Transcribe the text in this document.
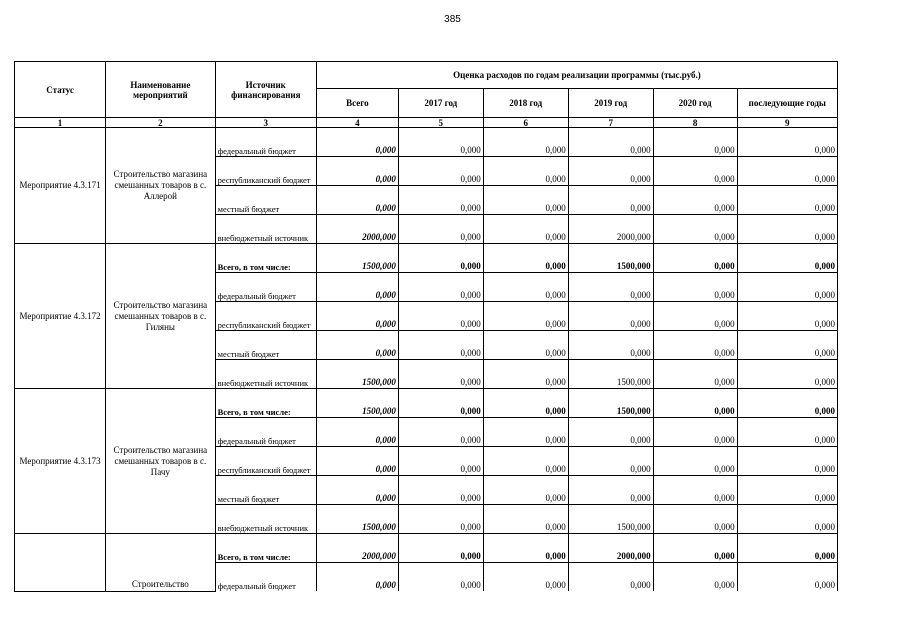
385
Статус	Наименование мероприятий	Источник финансирования	Оценка расходов по годам реализации программы (тыс.руб.)					
			Всего	2017 год	2018 год	2019 год	2020 год	последующие годы
1	2	3	4	5	6	7	8	9
Мероприятие 4.3.171	Строительство магазина смешанных товаров в с. Аллерой	федеральный бюджет	0,000	0,000	0,000	0,000	0,000	0,000
		республиканский бюджет	0,000	0,000	0,000	0,000	0,000	0,000
		местный бюджет	0,000	0,000	0,000	0,000	0,000	0,000
		внебюджетный источник	2000,000	0,000	0,000	2000,000	0,000	0,000
Мероприятие 4.3.172	Строительство магазина смешанных товаров в с. Гиляны	Всего, в том числе:	1500,000	0,000	0,000	1500,000	0,000	0,000
		федеральный бюджет	0,000	0,000	0,000	0,000	0,000	0,000
		республиканский бюджет	0,000	0,000	0,000	0,000	0,000	0,000
		местный бюджет	0,000	0,000	0,000	0,000	0,000	0,000
		внебюджетный источник	1500,000	0,000	0,000	1500,000	0,000	0,000
Мероприятие 4.3.173	Строительство магазина смешанных товаров в с. Пачу	Всего, в том числе:	1500,000	0,000	0,000	1500,000	0,000	0,000
		федеральный бюджет	0,000	0,000	0,000	0,000	0,000	0,000
		республиканский бюджет	0,000	0,000	0,000	0,000	0,000	0,000
		местный бюджет	0,000	0,000	0,000	0,000	0,000	0,000
		внебюджетный источник	1500,000	0,000	0,000	1500,000	0,000	0,000
	Строительство	Всего, в том числе:	2000,000	0,000	0,000	2000,000	0,000	0,000
		федеральный бюджет	0,000	0,000	0,000	0,000	0,000	0,000
